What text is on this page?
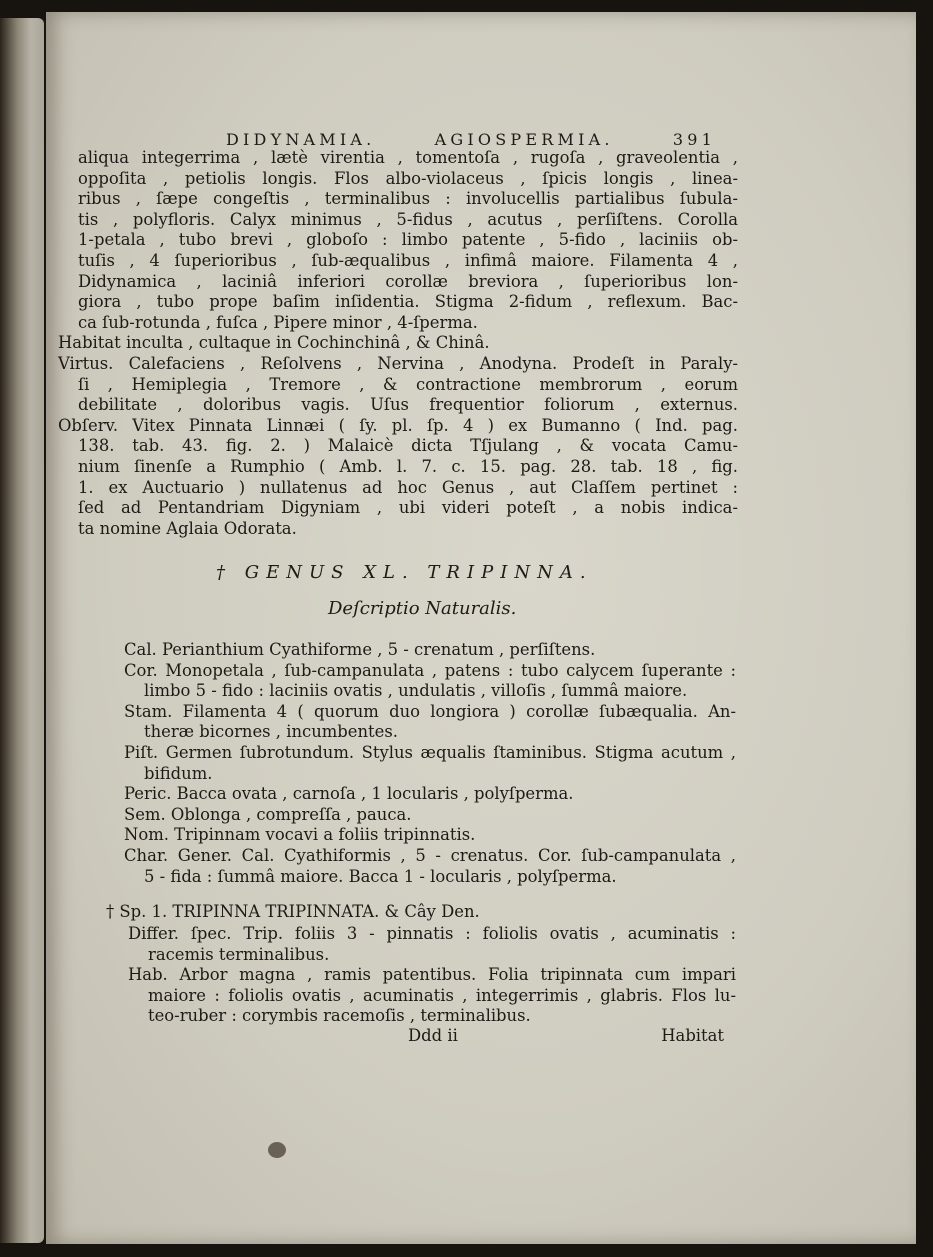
DIDYNAMIA.	AGIOSPERMIA.	391
aliqua integerrima , lætè virentia , tomentoſa , rugoſa , graveolentia ,
oppoſita , petiolis longis. Flos albo-violaceus , ſpicis longis , linea-
ribus , ſæpe congeſtis , terminalibus : involucellis partialibus ſubula-
tis , polyfloris. Calyx minimus , 5-fidus , acutus , perſiſtens. Corolla
1-petala , tubo brevi , globoſo : limbo patente , 5-fido , laciniis ob-
tuſis , 4 ſuperioribus , ſub-æqualibus , infimâ maiore. Filamenta 4 ,
Didynamica , laciniâ inferiori corollæ breviora , ſuperioribus lon-
giora , tubo prope baſim inſidentia. Stigma 2-fidum , reflexum. Bac-
ca ſub-rotunda , fuſca , Pipere minor , 4-ſperma.
Habitat inculta , cultaque in Cochinchinâ , & Chinâ.
Virtus. Calefaciens , Reſolvens , Nervina , Anodyna. Prodeſt in Paraly-
ſi , Hemiplegia , Tremore , & contractione membrorum , eorum
debilitate , doloribus vagis. Uſus frequentior foliorum , externus.
Obſerv. Vitex Pinnata Linnæi ( ſy. pl. ſp. 4 ) ex Bumanno ( Ind. pag.
138. tab. 43. fig. 2. ) Malaicè dicta Tſjulang , & vocata Camu-
nium ſinenſe a Rumphio ( Amb. l. 7. c. 15. pag. 28. tab. 18 , fig.
1. ex Auctuario ) nullatenus ad hoc Genus , aut Claſſem pertinet :
ſed ad Pentandriam Digyniam , ubi videri poteſt , a nobis indica-
ta nomine Aglaia Odorata.
† GENUS XL. TRIPINNA.
Deſcriptio Naturalis.
Cal. Perianthium Cyathiforme , 5 - crenatum , perſiſtens.
Cor. Monopetala , ſub-campanulata , patens : tubo calycem ſuperante :
limbo 5 - fido : laciniis ovatis , undulatis , villoſis , ſummâ maiore.
Stam. Filamenta 4 ( quorum duo longiora ) corollæ ſubæqualia. An-
theræ bicornes , incumbentes.
Piſt. Germen ſubrotundum. Stylus æqualis ſtaminibus. Stigma acutum ,
bifidum.
Peric. Bacca ovata , carnoſa , 1 locularis , polyſperma.
Sem. Oblonga , compreſſa , pauca.
Nom. Tripinnam vocavi a foliis tripinnatis.
Char. Gener. Cal. Cyathiformis , 5 - crenatus. Cor. ſub-campanulata ,
5 - fida : ſummâ maiore. Bacca 1 - locularis , polyſperma.
† Sp. 1. TRIPINNA TRIPINNATA. & Cây Den.
Differ. ſpec. Trip. foliis 3 - pinnatis : foliolis ovatis , acuminatis :
racemis terminalibus.
Hab. Arbor magna , ramis patentibus. Folia tripinnata cum impari
maiore : foliolis ovatis , acuminatis , integerrimis , glabris. Flos lu-
teo-ruber : corymbis racemoſis , terminalibus.
Ddd ii	Habitat
